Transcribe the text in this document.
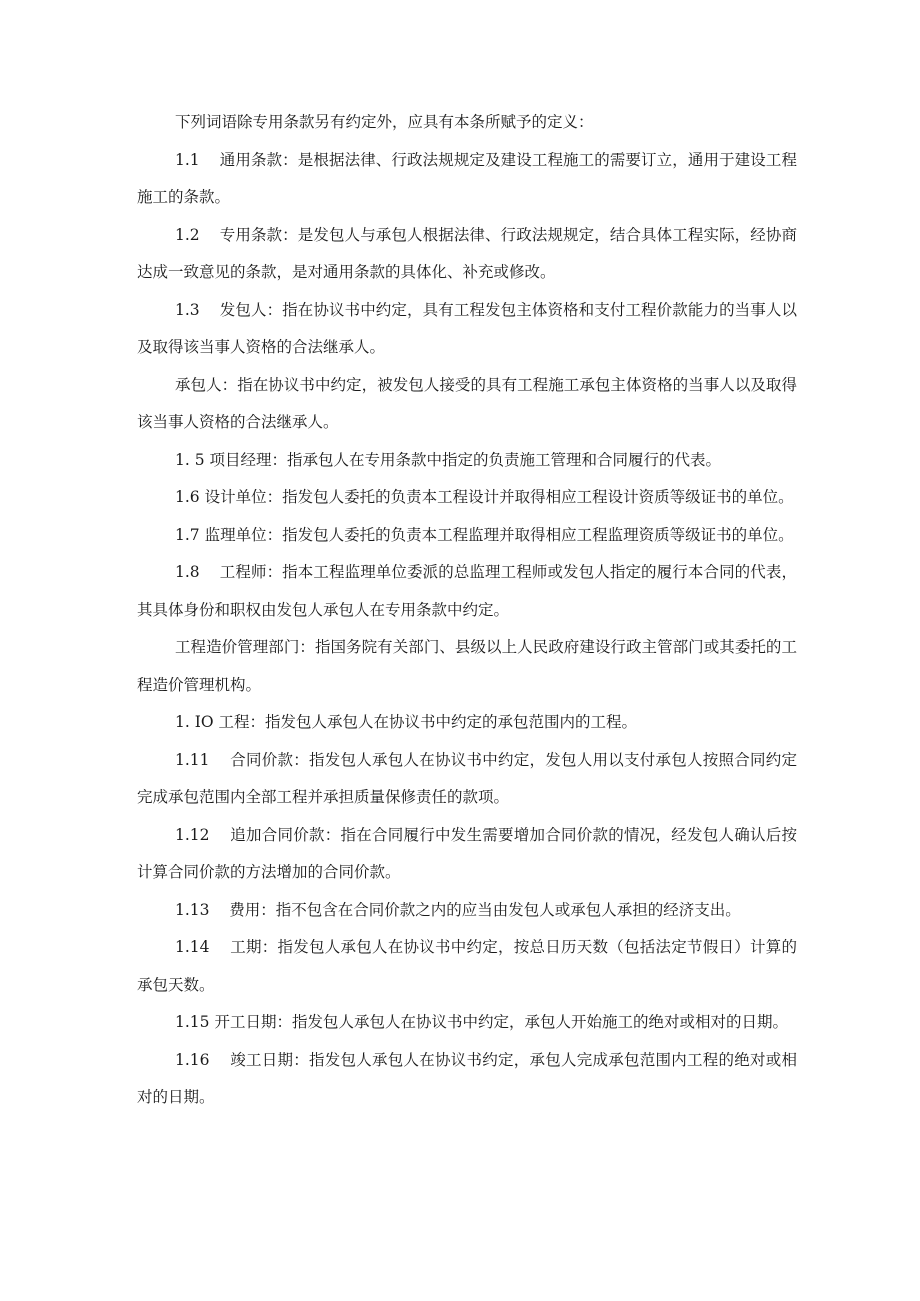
下列词语除专用条款另有约定外，应具有本条所赋予的定义：

1.1    通用条款：是根据法律、行政法规规定及建设工程施工的需要订立，通用于建设工程施工的条款。

1.2    专用条款：是发包人与承包人根据法律、行政法规规定，结合具体工程实际，经协商达成一致意见的条款，是对通用条款的具体化、补充或修改。

1.3    发包人：指在协议书中约定，具有工程发包主体资格和支付工程价款能力的当事人以及取得该当事人资格的合法继承人。

承包人：指在协议书中约定，被发包人接受的具有工程施工承包主体资格的当事人以及取得该当事人资格的合法继承人。

1. 5 项目经理：指承包人在专用条款中指定的负责施工管理和合同履行的代表。

1.6 设计单位：指发包人委托的负责本工程设计并取得相应工程设计资质等级证书的单位。

1.7 监理单位：指发包人委托的负责本工程监理并取得相应工程监理资质等级证书的单位。

1.8    工程师：指本工程监理单位委派的总监理工程师或发包人指定的履行本合同的代表，其具体身份和职权由发包人承包人在专用条款中约定。

工程造价管理部门：指国务院有关部门、县级以上人民政府建设行政主管部门或其委托的工程造价管理机构。

1. IO 工程：指发包人承包人在协议书中约定的承包范围内的工程。

1.11    合同价款：指发包人承包人在协议书中约定，发包人用以支付承包人按照合同约定完成承包范围内全部工程并承担质量保修责任的款项。

1.12    追加合同价款：指在合同履行中发生需要增加合同价款的情况，经发包人确认后按计算合同价款的方法增加的合同价款。

1.13    费用：指不包含在合同价款之内的应当由发包人或承包人承担的经济支出。

1.14    工期：指发包人承包人在协议书中约定，按总日历天数（包括法定节假日）计算的承包天数。

1.15 开工日期：指发包人承包人在协议书中约定，承包人开始施工的绝对或相对的日期。

1.16    竣工日期：指发包人承包人在协议书约定，承包人完成承包范围内工程的绝对或相对的日期。
